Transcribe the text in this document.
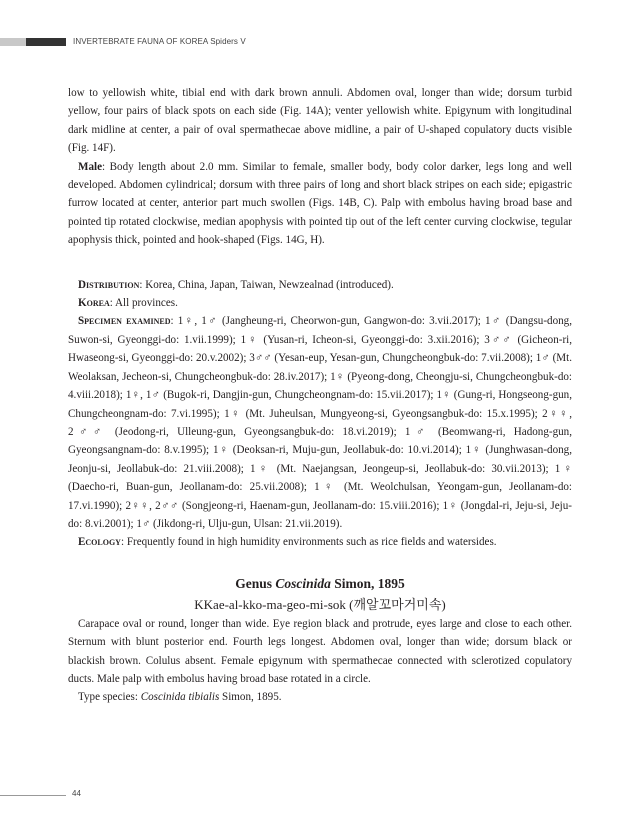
INVERTEBRATE FAUNA OF KOREA Spiders V

low to yellowish white, tibial end with dark brown annuli. Abdomen oval, longer than wide; dorsum turbid yellow, four pairs of black spots on each side (Fig. 14A); venter yellowish white. Epigynum with longitudinal dark midline at center, a pair of oval spermathecae above midline, a pair of U-shaped copulatory ducts visible (Fig. 14F).

Male: Body length about 2.0 mm. Similar to female, smaller body, body color darker, legs long and well developed. Abdomen cylindrical; dorsum with three pairs of long and short black stripes on each side; epigastric furrow located at center, anterior part much swollen (Figs. 14B, C). Palp with embolus having broad base and pointed tip rotated clockwise, median apophysis with pointed tip out of the left center curving clockwise, tegular apophysis thick, pointed and hook-shaped (Figs. 14G, H).

Distribution: Korea, China, Japan, Taiwan, Newzealnad (introduced).

Korea: All provinces.

Specimen examined: 1♀, 1♂ (Jangheung-ri, Cheorwon-gun, Gangwon-do: 3.vii.2017); 1♂ (Dangsu-dong, Suwon-si, Gyeonggi-do: 1.vii.1999); 1♀ (Yusan-ri, Icheon-si, Gyeonggi-do: 3.xii.2016); 3♂♂ (Gicheon-ri, Hwaseong-si, Gyeonggi-do: 20.v.2002); 3♂♂ (Yesan-eup, Yesan-gun, Chungcheongbuk-do: 7.vii.2008); 1♂ (Mt. Weolaksan, Jecheon-si, Chungcheongbuk-do: 28.iv.2017); 1♀ (Pyeong-dong, Cheongju-si, Chungcheongbuk-do: 4.viii.2018); 1♀, 1♂ (Bugok-ri, Dangjin-gun, Chungcheongnam-do: 15.vii.2017); 1♀ (Gung-ri, Hongseong-gun, Chungcheongnam-do: 7.vi.1995); 1♀ (Mt. Juheulsan, Mungyeong-si, Gyeongsangbuk-do: 15.x.1995); 2♀♀, 2♂♂ (Jeodong-ri, Ulleung-gun, Gyeongsangbuk-do: 18.vi.2019); 1♂ (Beomwang-ri, Hadong-gun, Gyeongsangnam-do: 8.v.1995); 1♀ (Deoksan-ri, Muju-gun, Jeollabuk-do: 10.vi.2014); 1♀ (Junghwasan-dong, Jeonju-si, Jeollabuk-do: 21.viii.2008); 1♀ (Mt. Naejangsan, Jeongeup-si, Jeollabuk-do: 30.vii.2013); 1♀ (Daecho-ri, Buan-gun, Jeollanam-do: 25.vii.2008); 1♀ (Mt. Weolchulsan, Yeongam-gun, Jeollanam-do: 17.vi.1990); 2♀♀, 2♂♂ (Songjeong-ri, Haenam-gun, Jeollanam-do: 15.viii.2016); 1♀ (Jongdal-ri, Jeju-si, Jeju-do: 8.vi.2001); 1♂ (Jikdong-ri, Ulju-gun, Ulsan: 21.vii.2019).

Ecology: Frequently found in high humidity environments such as rice fields and watersides.

Genus Coscinida Simon, 1895
KKae-al-kko-ma-geo-mi-sok (깨알꼬마거미속)

Carapace oval or round, longer than wide. Eye region black and protrude, eyes large and close to each other. Sternum with blunt posterior end. Fourth legs longest. Abdomen oval, longer than wide; dorsum black or blackish brown. Colulus absent. Female epigynum with spermathecae connected with sclerotized copulatory ducts. Male palp with embolus having broad base rotated in a circle.

Type species: Coscinida tibialis Simon, 1895.

44
